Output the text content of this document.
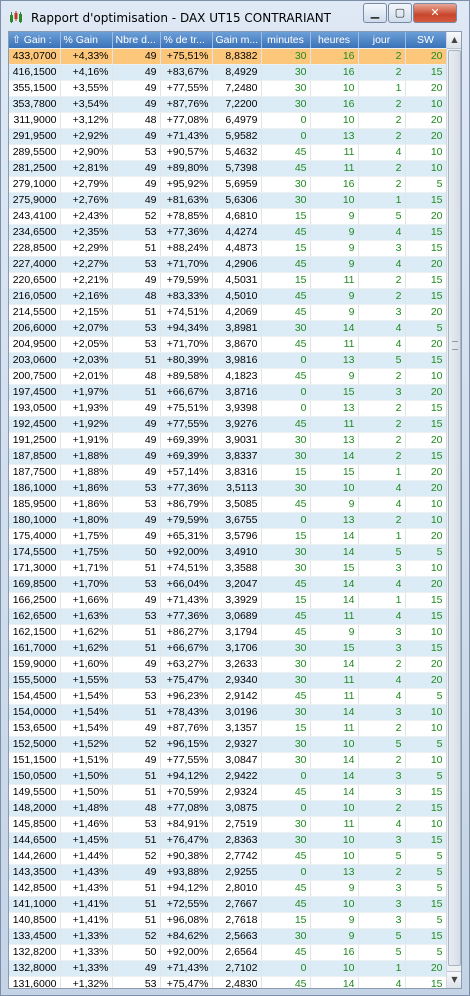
Rapport d'optimisation - DAX UT15 CONTRARIANT	▁	▢	✕
⇧ Gain :	% Gain	Nbre d...	% de tr...	Gain m...	minutes	heures	jour	SW
433,0700	+4,33%	49	+75,51%	8,8382	30	16	2	20
416,1500	+4,16%	49	+83,67%	8,4929	30	16	2	15
355,1500	+3,55%	49	+77,55%	7,2480	30	10	1	20
353,7800	+3,54%	49	+87,76%	7,2200	30	16	2	10
311,9000	+3,12%	48	+77,08%	6,4979	0	10	2	20
291,9500	+2,92%	49	+71,43%	5,9582	0	13	2	20
289,5500	+2,90%	53	+90,57%	5,4632	45	11	4	10
281,2500	+2,81%	49	+89,80%	5,7398	45	11	2	10
279,1000	+2,79%	49	+95,92%	5,6959	30	16	2	5
275,9000	+2,76%	49	+81,63%	5,6306	30	10	1	15
243,4100	+2,43%	52	+78,85%	4,6810	15	9	5	20
234,6500	+2,35%	53	+77,36%	4,4274	45	9	4	15
228,8500	+2,29%	51	+88,24%	4,4873	15	9	3	15
227,4000	+2,27%	53	+71,70%	4,2906	45	9	4	20
220,6500	+2,21%	49	+79,59%	4,5031	15	11	2	15
216,0500	+2,16%	48	+83,33%	4,5010	45	9	2	15
214,5500	+2,15%	51	+74,51%	4,2069	45	9	3	20
206,6000	+2,07%	53	+94,34%	3,8981	30	14	4	5
204,9500	+2,05%	53	+71,70%	3,8670	45	11	4	20
203,0600	+2,03%	51	+80,39%	3,9816	0	13	5	15
200,7500	+2,01%	48	+89,58%	4,1823	45	9	2	10
197,4500	+1,97%	51	+66,67%	3,8716	0	15	3	20
193,0500	+1,93%	49	+75,51%	3,9398	0	13	2	15
192,4500	+1,92%	49	+77,55%	3,9276	45	11	2	15
191,2500	+1,91%	49	+69,39%	3,9031	30	13	2	20
187,8500	+1,88%	49	+69,39%	3,8337	30	14	2	15
187,7500	+1,88%	49	+57,14%	3,8316	15	15	1	20
186,1000	+1,86%	53	+77,36%	3,5113	30	10	4	20
185,9500	+1,86%	53	+86,79%	3,5085	45	9	4	10
180,1000	+1,80%	49	+79,59%	3,6755	0	13	2	10
175,4000	+1,75%	49	+65,31%	3,5796	15	14	1	20
174,5500	+1,75%	50	+92,00%	3,4910	30	14	5	5
171,3000	+1,71%	51	+74,51%	3,3588	30	15	3	10
169,8500	+1,70%	53	+66,04%	3,2047	45	14	4	20
166,2500	+1,66%	49	+71,43%	3,3929	15	14	1	15
162,6500	+1,63%	53	+77,36%	3,0689	45	11	4	15
162,1500	+1,62%	51	+86,27%	3,1794	45	9	3	10
161,7000	+1,62%	51	+66,67%	3,1706	30	15	3	15
159,9000	+1,60%	49	+63,27%	3,2633	30	14	2	20
155,5000	+1,55%	53	+75,47%	2,9340	30	11	4	20
154,4500	+1,54%	53	+96,23%	2,9142	45	11	4	5
154,0000	+1,54%	51	+78,43%	3,0196	30	14	3	10
153,6500	+1,54%	49	+87,76%	3,1357	15	11	2	10
152,5000	+1,52%	52	+96,15%	2,9327	30	10	5	5
151,1500	+1,51%	49	+77,55%	3,0847	30	14	2	10
150,0500	+1,50%	51	+94,12%	2,9422	0	14	3	5
149,5500	+1,50%	51	+70,59%	2,9324	45	14	3	15
148,2000	+1,48%	48	+77,08%	3,0875	0	10	2	15
145,8500	+1,46%	53	+84,91%	2,7519	30	11	4	10
144,6500	+1,45%	51	+76,47%	2,8363	30	10	3	15
144,2600	+1,44%	52	+90,38%	2,7742	45	10	5	5
143,3500	+1,43%	49	+93,88%	2,9255	0	13	2	5
142,8500	+1,43%	51	+94,12%	2,8010	45	9	3	5
141,1000	+1,41%	51	+72,55%	2,7667	45	10	3	15
140,8500	+1,41%	51	+96,08%	2,7618	15	9	3	5
133,4500	+1,33%	52	+84,62%	2,5663	30	9	5	15
132,8200	+1,33%	50	+92,00%	2,6564	45	16	5	5
132,8000	+1,33%	49	+71,43%	2,7102	0	10	1	20
131,6000	+1,32%	53	+75,47%	2,4830	45	14	4	15
▲
▼
